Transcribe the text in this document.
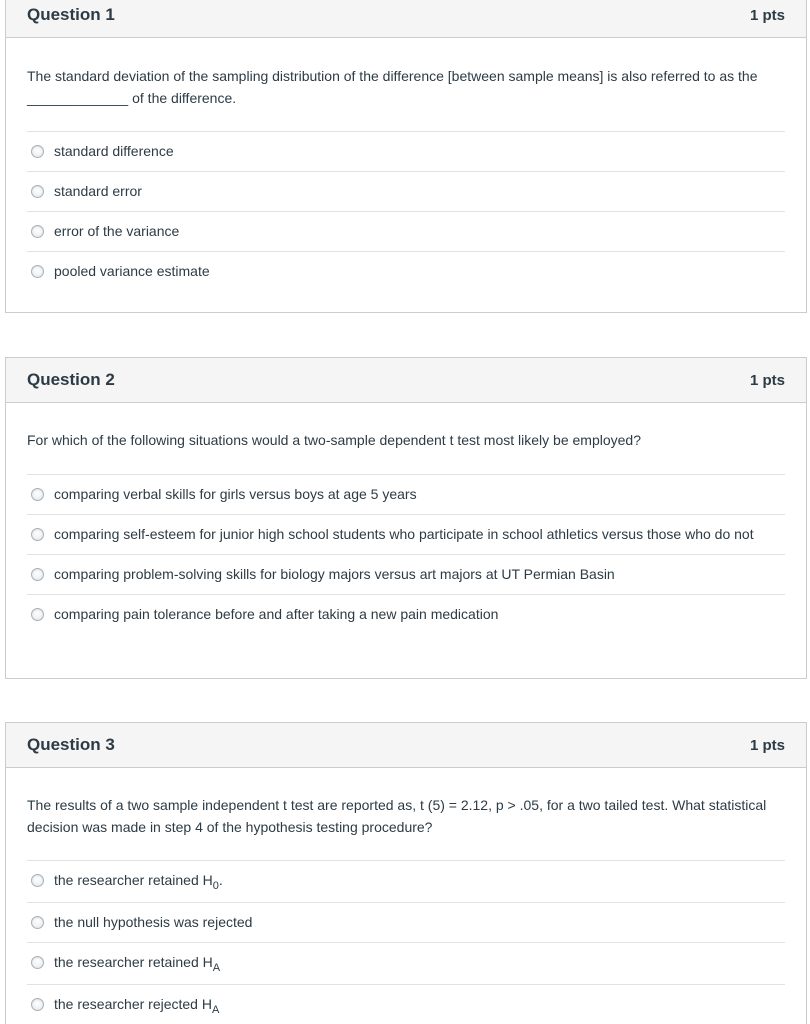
Question 1	1 pts

The standard deviation of the sampling distribution of the difference [between sample means] is also referred to as the _____________ of the difference.

standard difference
standard error
error of the variance
pooled variance estimate
Question 2	1 pts

For which of the following situations would a two-sample dependent t test most likely be employed?

comparing verbal skills for girls versus boys at age 5 years
comparing self-esteem for junior high school students who participate in school athletics versus those who do not
comparing problem-solving skills for biology majors versus art majors at UT Permian Basin
comparing pain tolerance before and after taking a new pain medication
Question 3	1 pts

The results of a two sample independent t test are reported as, t (5) = 2.12, p > .05, for a two tailed test. What statistical decision was made in step 4 of the hypothesis testing procedure?

the researcher retained $H_0$.
the null hypothesis was rejected
the researcher retained $H_A$
the researcher rejected $H_A$
